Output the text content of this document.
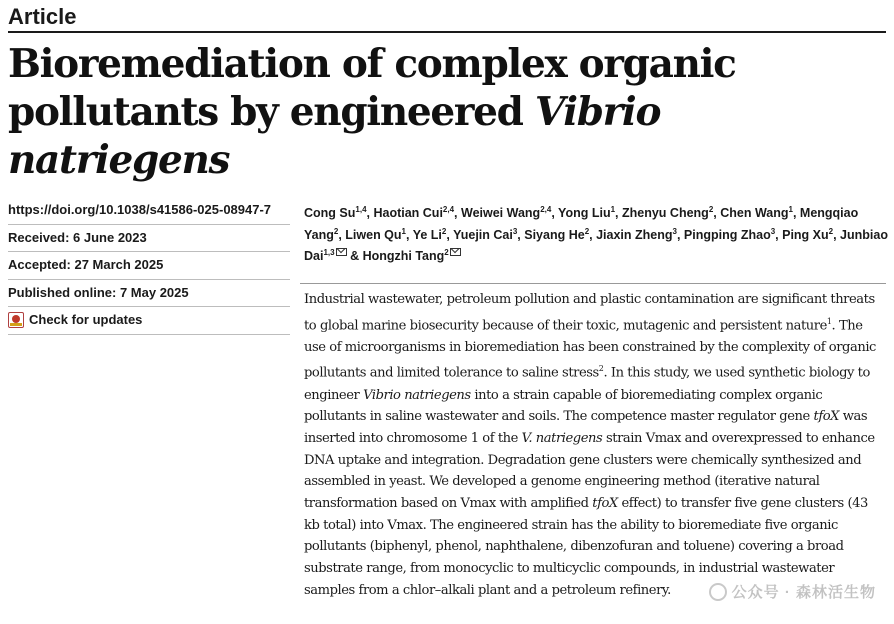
Article
Bioremediation of complex organic pollutants by engineered Vibrio natriegens
https://doi.org/10.1038/s41586-025-08947-7
Received: 6 June 2023
Accepted: 27 March 2025
Published online: 7 May 2025
Check for updates

Cong Su$^{1,4}$, Haotian Cui$^{2,4}$, Weiwei Wang$^{2,4}$, Yong Liu$^1$, Zhenyu Cheng$^2$, Chen Wang$^1$, Mengqiao Yang$^2$, Liwen Qu$^1$, Ye Li$^2$, Yuejin Cai$^3$, Siyang He$^2$, Jiaxin Zheng$^3$, Pingping Zhao$^3$, Ping Xu$^2$, Junbiao Dai$^{1,3}$ & Hongzhi Tang$^2$

Industrial wastewater, petroleum pollution and plastic contamination are significant threats to global marine biosecurity because of their toxic, mutagenic and persistent nature$^1$. The use of microorganisms in bioremediation has been constrained by the complexity of organic pollutants and limited tolerance to saline stress$^2$. In this study, we used synthetic biology to engineer Vibrio natriegens into a strain capable of bioremediating complex organic pollutants in saline wastewater and soils. The competence master regulator gene tfoX was inserted into chromosome 1 of the V. natriegens strain Vmax and overexpressed to enhance DNA uptake and integration. Degradation gene clusters were chemically synthesized and assembled in yeast. We developed a genome engineering method (iterative natural transformation based on Vmax with amplified tfoX effect) to transfer five gene clusters (43 kb total) into Vmax. The engineered strain has the ability to bioremediate five organic pollutants (biphenyl, phenol, naphthalene, dibenzofuran and toluene) covering a broad substrate range, from monocyclic to multicyclic compounds, in industrial wastewater samples from a chlor–alkali plant and a petroleum refinery.	公众号 · 森林活生物
